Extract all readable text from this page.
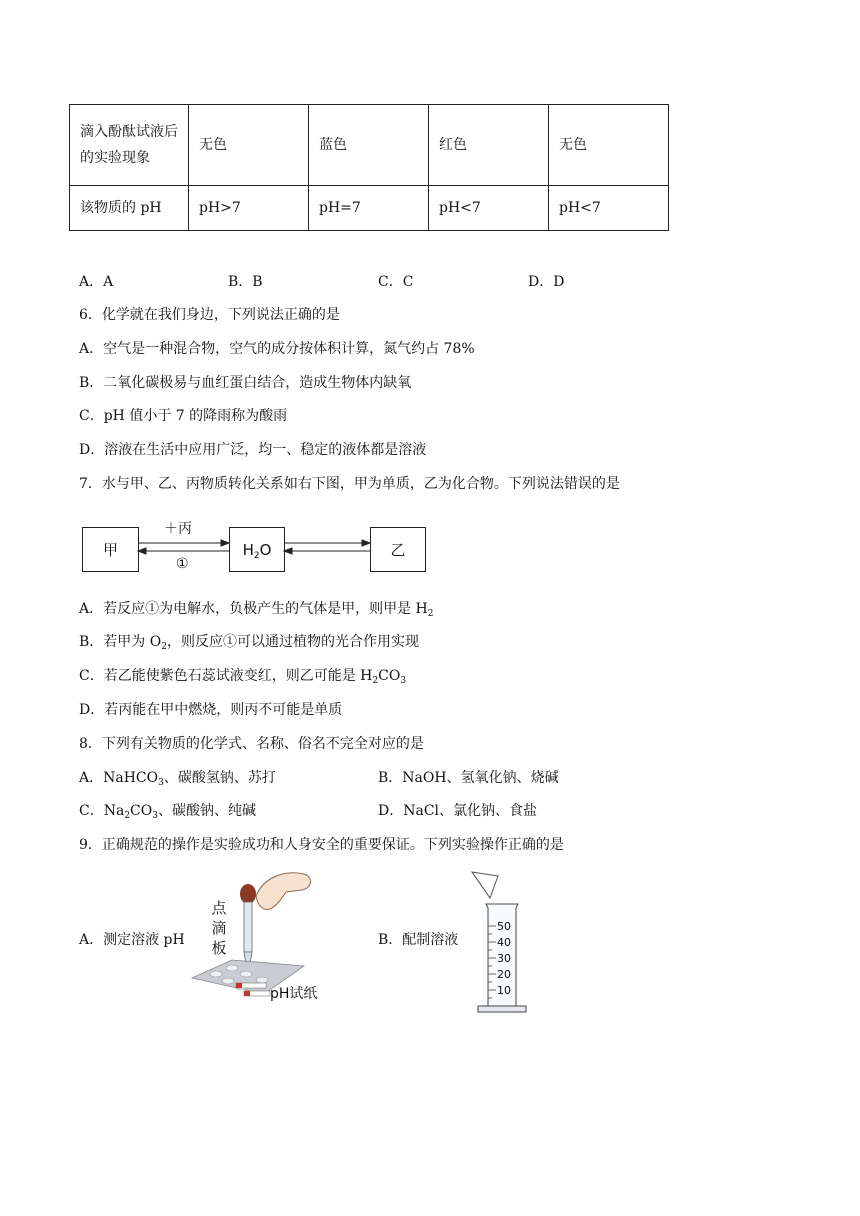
滴入酚酞试液后的实验现象	无色	蓝色	红色	无色
该物质的 pH	pH>7	pH=7	pH<7	pH<7
A．A	B．B	C．C	D．D
6．化学就在我们身边，下列说法正确的是
A．空气是一种混合物，空气的成分按体积计算，氮气约占 78%
B．二氧化碳极易与血红蛋白结合，造成生物体内缺氧
C．pH 值小于 7 的降雨称为酸雨
D．溶液在生活中应用广泛，均一、稳定的液体都是溶液
7．水与甲、乙、丙物质转化关系如右下图，甲为单质，乙为化合物。下列说法错误的是
甲	$H_2O$	乙
＋丙
①
A．若反应①为电解水，负极产生的气体是甲，则甲是 $H_2$
B．若甲为 $O_2$，则反应①可以通过植物的光合作用实现
C．若乙能使紫色石蕊试液变红，则乙可能是 $H_2CO_3$
D．若丙能在甲中燃烧，则丙不可能是单质
8．下列有关物质的化学式、名称、俗名不完全对应的是
A．NaHCO$_3$、碳酸氢钠、苏打	B．NaOH、氢氧化钠、烧碱
C．$Na_2CO_3$、碳酸钠、纯碱	D．NaCl、氯化钠、食盐
9．正确规范的操作是实验成功和人身安全的重要保证。下列实验操作正确的是
A．测定溶液 pH	B．配制溶液
点滴板
pH试纸
50
40
30
20
10
